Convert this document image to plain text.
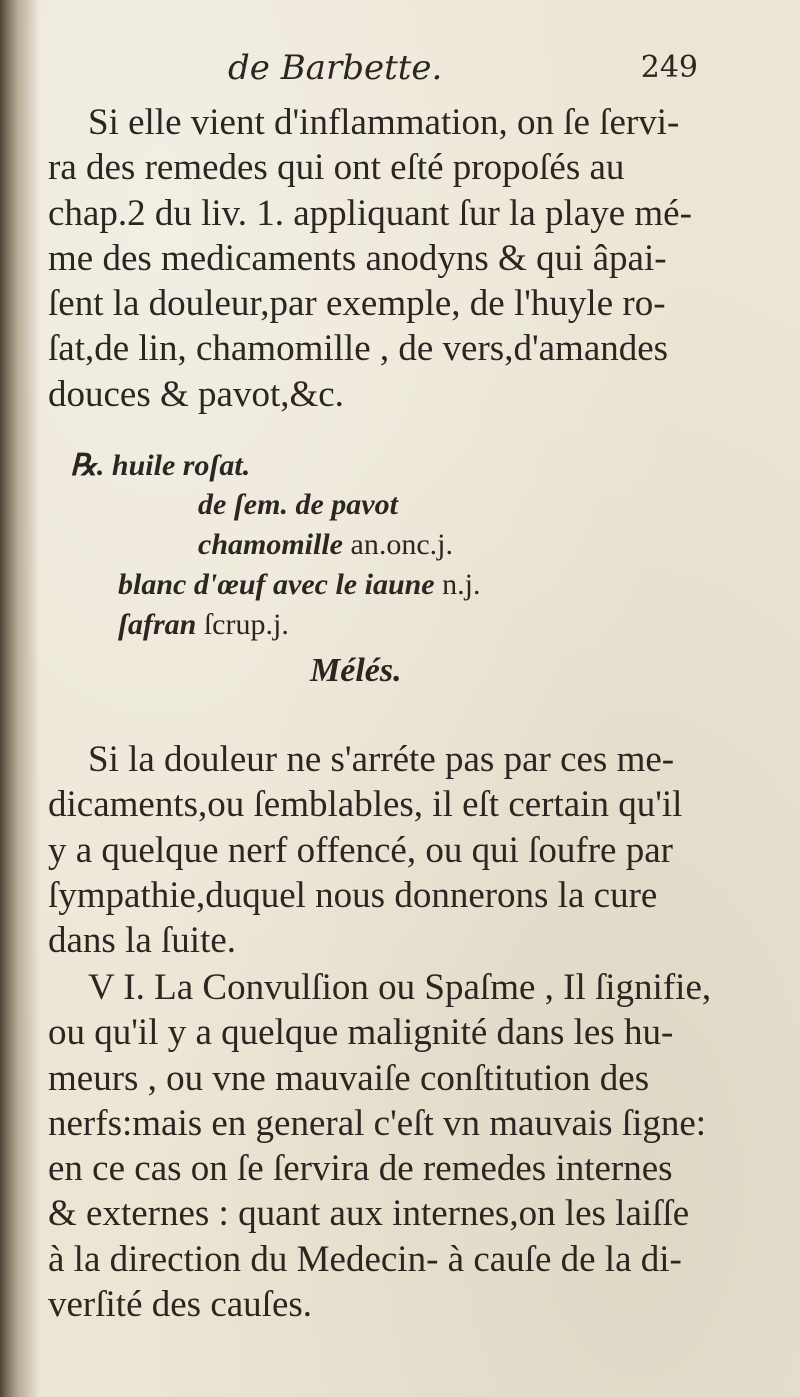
de Barbette.	249
Si elle vient d'inflammation, on ſe ſervi-
ra des remedes qui ont eſté propoſés au
chap.2 du liv. 1. appliquant ſur la playe mé-
me des medicaments anodyns & qui âpai-
ſent la douleur,par exemple, de l'huyle ro-
ſat,de lin, chamomille , de vers,d'amandes
douces & pavot,&c.
℞. huile roſat.
de ſem. de pavot
chamomille an.onc.j.
blanc d'œuf avec le iaune n.j.
ſafran ſcrup.j.
Mélés.
Si la douleur ne s'arréte pas par ces me-
dicaments,ou ſemblables, il eſt certain qu'il
y a quelque nerf offencé, ou qui ſoufre par
ſympathie,duquel nous donnerons la cure
dans la ſuite.
V I. La Convulſion ou Spaſme , Il ſignifie,
ou qu'il y a quelque malignité dans les hu-
meurs , ou vne mauvaiſe conſtitution des
nerfs:mais en general c'eſt vn mauvais ſigne:
en ce cas on ſe ſervira de remedes internes
& externes : quant aux internes,on les laiſſe
à la direction du Medecin- à cauſe de la di-
verſité des cauſes.
